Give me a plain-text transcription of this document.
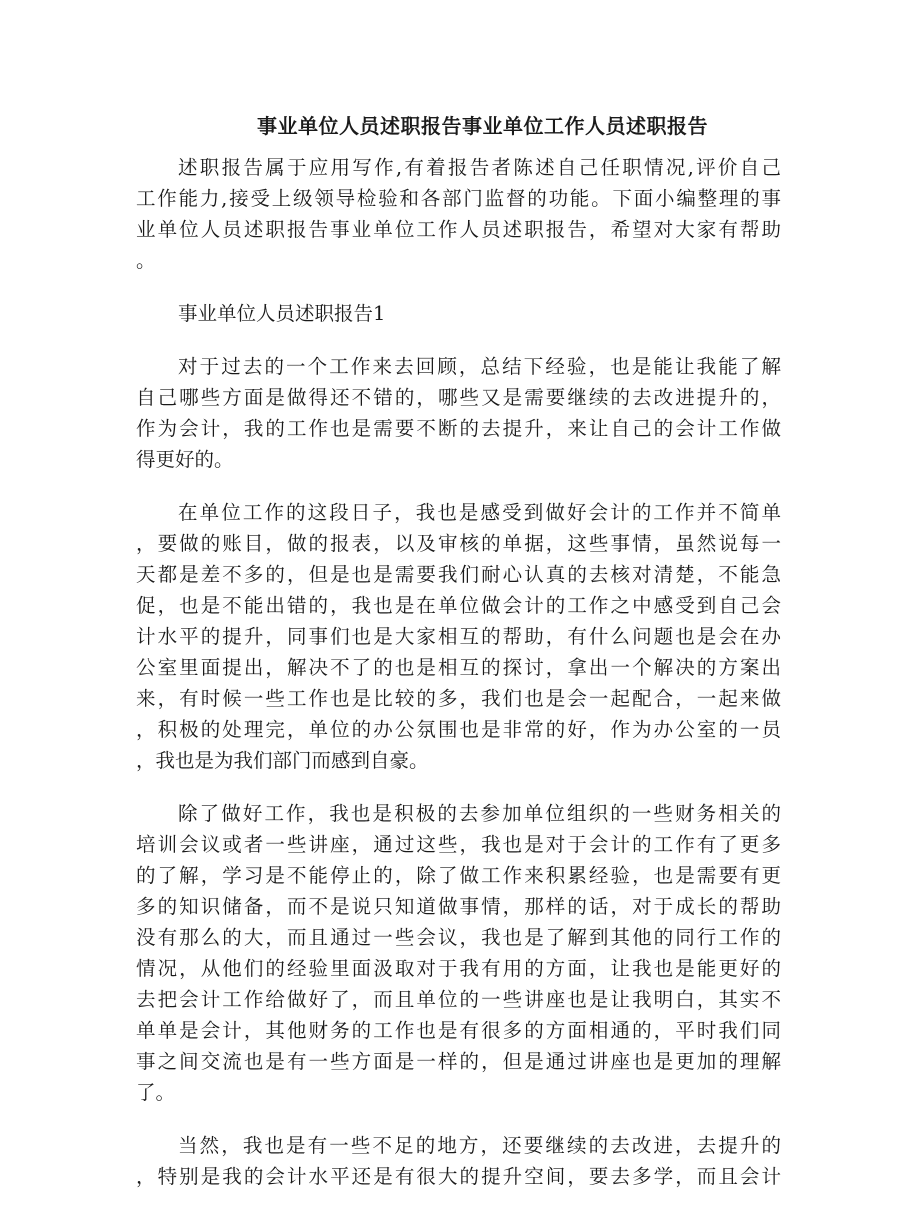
事业单位人员述职报告事业单位工作人员述职报告
述职报告属于应用写作,有着报告者陈述自己任职情况,评价自己
工作能力,接受上级领导检验和各部门监督的功能。下面小编整理的事
业单位人员述职报告事业单位工作人员述职报告，希望对大家有帮助
。
事业单位人员述职报告1
对于过去的一个工作来去回顾，总结下经验，也是能让我能了解
自己哪些方面是做得还不错的，哪些又是需要继续的去改进提升的，
作为会计，我的工作也是需要不断的去提升，来让自己的会计工作做
得更好的。
在单位工作的这段日子，我也是感受到做好会计的工作并不简单
，要做的账目，做的报表，以及审核的单据，这些事情，虽然说每一
天都是差不多的，但是也是需要我们耐心认真的去核对清楚，不能急
促，也是不能出错的，我也是在单位做会计的工作之中感受到自己会
计水平的提升，同事们也是大家相互的帮助，有什么问题也是会在办
公室里面提出，解决不了的也是相互的探讨，拿出一个解决的方案出
来，有时候一些工作也是比较的多，我们也是会一起配合，一起来做
，积极的处理完，单位的办公氛围也是非常的好，作为办公室的一员
，我也是为我们部门而感到自豪。
除了做好工作，我也是积极的去参加单位组织的一些财务相关的
培训会议或者一些讲座，通过这些，我也是对于会计的工作有了更多
的了解，学习是不能停止的，除了做工作来积累经验，也是需要有更
多的知识储备，而不是说只知道做事情，那样的话，对于成长的帮助
没有那么的大，而且通过一些会议，我也是了解到其他的同行工作的
情况，从他们的经验里面汲取对于我有用的方面，让我也是能更好的
去把会计工作给做好了，而且单位的一些讲座也是让我明白，其实不
单单是会计，其他财务的工作也是有很多的方面相通的，平时我们同
事之间交流也是有一些方面是一样的，但是通过讲座也是更加的理解
了。
当然，我也是有一些不足的地方，还要继续的去改进，去提升的
，特别是我的会计水平还是有很大的提升空间，要去多学，而且会计
